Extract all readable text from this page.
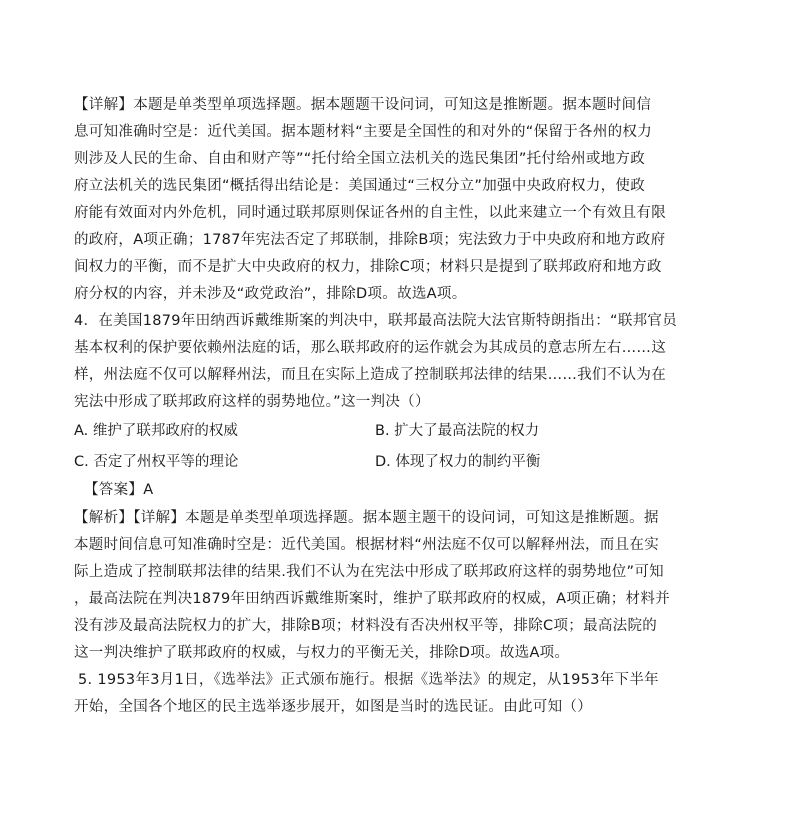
【详解】本题是单类型单项选择题。据本题题干设问词，可知这是推断题。据本题时间信
息可知准确时空是：近代美国。据本题材料“主要是全国性的和对外的“保留于各州的权力
则涉及人民的生命、自由和财产等”“托付给全国立法机关的选民集团”托付给州或地方政
府立法机关的选民集团“概括得出结论是：美国通过“三权分立”加强中央政府权力，使政
府能有效面对内外危机，同时通过联邦原则保证各州的自主性，以此来建立一个有效且有限
的政府，A项正确；1787年宪法否定了邦联制，排除B项；宪法致力于中央政府和地方政府
间权力的平衡，而不是扩大中央政府的权力，排除C项；材料只是提到了联邦政府和地方政
府分权的内容，并未涉及“政党政治”，排除D项。故选A项。
4．在美国1879年田纳西诉戴维斯案的判决中，联邦最高法院大法官斯特朗指出：“联邦官员
基本权利的保护要依赖州法庭的话，那么联邦政府的运作就会为其成员的意志所左右……这
样，州法庭不仅可以解释州法，而且在实际上造成了控制联邦法律的结果……我们不认为在
宪法中形成了联邦政府这样的弱势地位。”这一判决（）
A. 维护了联邦政府的权威	B. 扩大了最高法院的权力
C. 否定了州权平等的理论	D. 体现了权力的制约平衡
【答案】A
【解析】【详解】本题是单类型单项选择题。据本题主题干的设问词，可知这是推断题。据
本题时间信息可知准确时空是：近代美国。根据材料“州法庭不仅可以解释州法，而且在实
际上造成了控制联邦法律的结果.我们不认为在宪法中形成了联邦政府这样的弱势地位”可知
，最高法院在判决1879年田纳西诉戴维斯案时，维护了联邦政府的权威，A项正确；材料并
没有涉及最高法院权力的扩大，排除B项；材料没有否决州权平等，排除C项；最高法院的
这一判决维护了联邦政府的权威，与权力的平衡无关，排除D项。故选A项。
5. 1953年3月1日，《选举法》正式颁布施行。根据《选举法》的规定，从1953年下半年
开始，全国各个地区的民主选举逐步展开，如图是当时的选民证。由此可知（）
